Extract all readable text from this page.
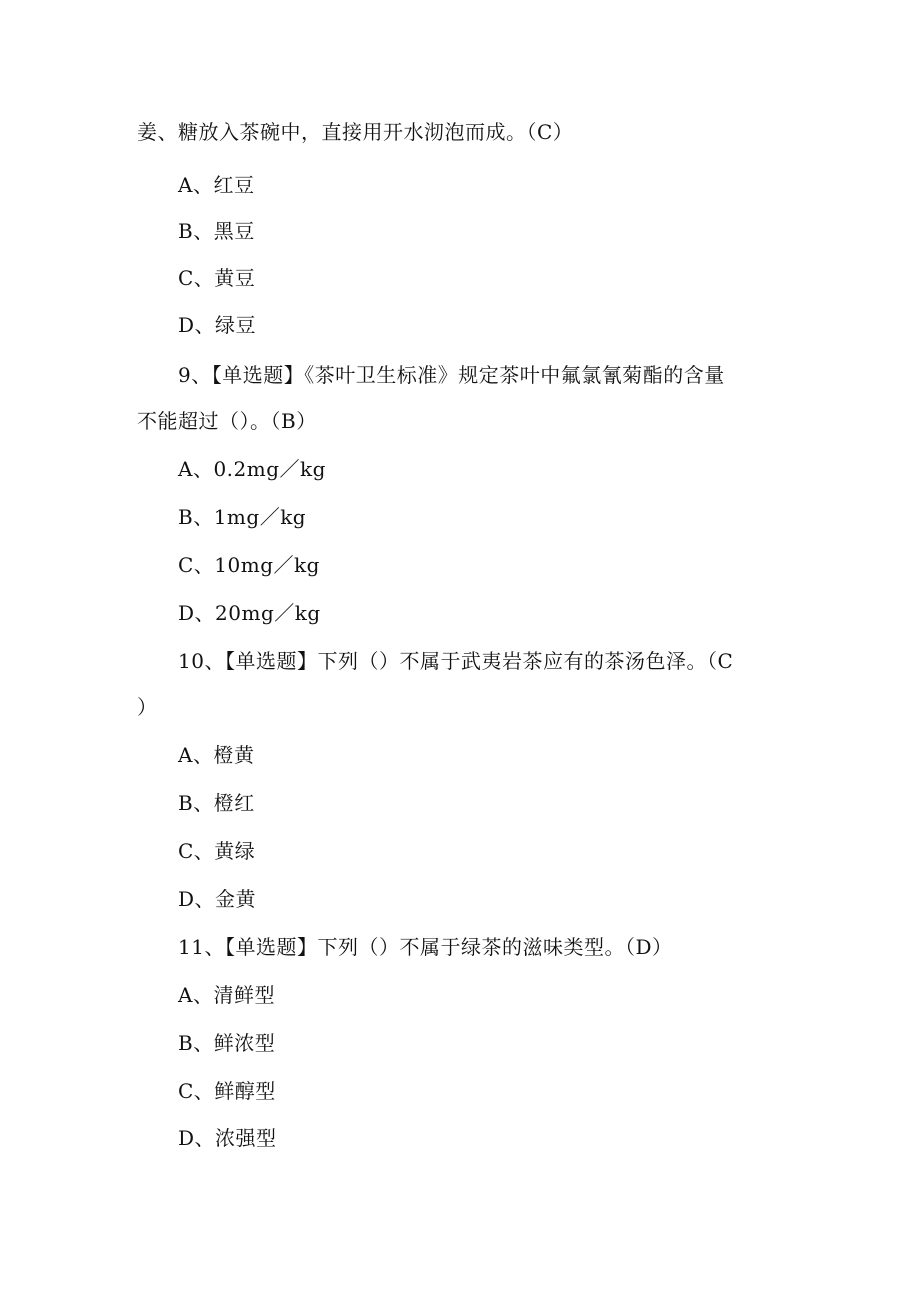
姜、糖放入茶碗中，直接用开水沏泡而成。（C）
A、红豆
B、黑豆
C、黄豆
D、绿豆
9、【单选题】《茶叶卫生标准》规定茶叶中氟氯氰菊酯的含量
不能超过（）。（B）
A、0.2mg／kg
B、1mg／kg
C、10mg／kg
D、20mg／kg
10、【单选题】下列（）不属于武夷岩茶应有的茶汤色泽。（C
）
A、橙黄
B、橙红
C、黄绿
D、金黄
11、【单选题】下列（）不属于绿茶的滋味类型。（D）
A、清鲜型
B、鲜浓型
C、鲜醇型
D、浓强型
